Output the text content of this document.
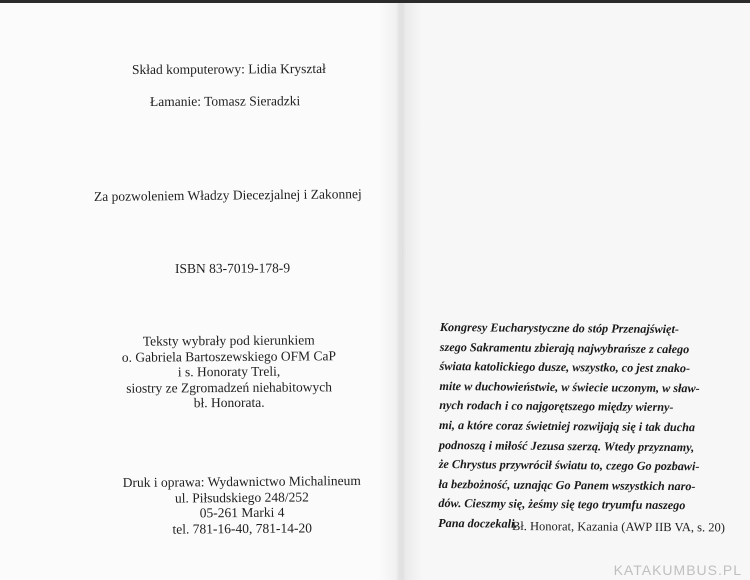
Skład komputerowy: Lidia Kryształ
Łamanie: Tomasz Sieradzki
Za pozwoleniem Władzy Diecezjalnej i Zakonnej
ISBN 83-7019-178-9
Teksty wybrały pod kierunkiem
o. Gabriela Bartoszewskiego OFM CaP
i s. Honoraty Treli,
siostry ze Zgromadzeń niehabitowych
bł. Honorata.
Druk i oprawa: Wydawnictwo Michalineum
ul. Piłsudskiego 248/252
05-261 Marki 4
tel. 781-16-40, 781-14-20
Kongresy Eucharystyczne do stóp Przenajświęt-
szego Sakramentu zbierają najwybrańsze z całego
świata katolickiego dusze, wszystko, co jest znako-
mite w duchowieństwie, w świecie uczonym, w sław-
nych rodach i co najgorętszego między wierny-
mi, a które coraz świetniej rozwijają się i tak ducha
podnoszą i miłość Jezusa szerzą. Wtedy przyznamy,
że Chrystus przywrócił światu to, czego Go pozbawi-
ła bezbożność, uznając Go Panem wszystkich naro-
dów. Cieszmy się, żeśmy się tego tryumfu naszego
Pana doczekali.
Bł. Honorat, Kazania (AWP IIB VA, s. 20)
KATAKUMBUS.PL
